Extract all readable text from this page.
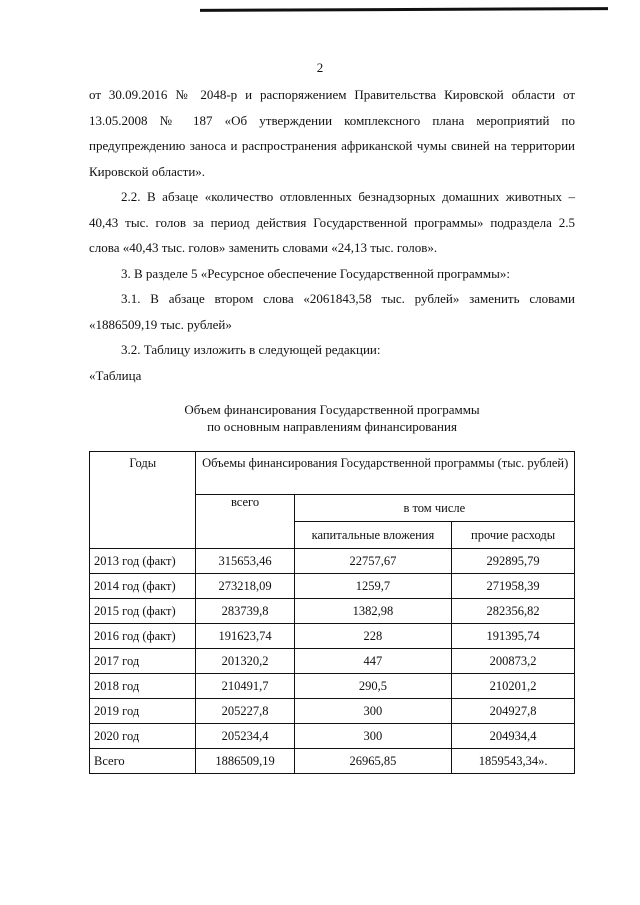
2

от 30.09.2016 № 2048-р и распоряжением Правительства Кировской области от 13.05.2008 № 187 «Об утверждении комплексного плана мероприятий по предупреждению заноса и распространения африканской чумы свиней на территории Кировской области».

2.2. В абзаце «количество отловленных безнадзорных домашних животных – 40,43 тыс. голов за период действия Государственной программы» подраздела 2.5 слова «40,43 тыс. голов» заменить словами «24,13 тыс. голов».

3. В разделе 5 «Ресурсное обеспечение Государственной программы»:

3.1. В абзаце втором слова «2061843,58 тыс. рублей» заменить словами «1886509,19 тыс. рублей»

3.2. Таблицу изложить в следующей редакции:

«Таблица

Объем финансирования Государственной программы
по основным направлениям финансирования
Годы	Объемы финансирования Государственной программы (тыс. рублей)		
	всего	в том числе	
		капитальные вложения	прочие расходы
2013 год (факт)	315653,46	22757,67	292895,79
2014 год (факт)	273218,09	1259,7	271958,39
2015 год (факт)	283739,8	1382,98	282356,82
2016 год (факт)	191623,74	228	191395,74
2017 год	201320,2	447	200873,2
2018 год	210491,7	290,5	210201,2
2019 год	205227,8	300	204927,8
2020 год	205234,4	300	204934,4
Всего	1886509,19	26965,85	1859543,34».
